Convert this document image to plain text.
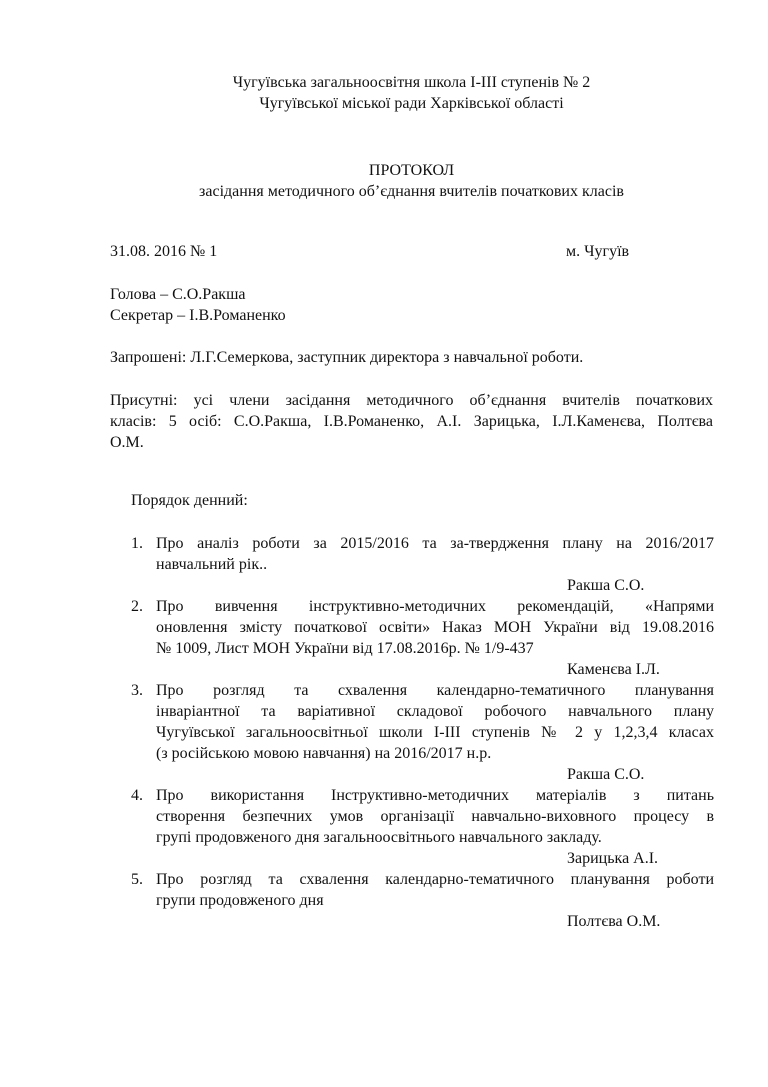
Чугуївська загальноосвітня школа І-ІІІ ступенів № 2
Чугуївської міської ради Харківської області
ПРОТОКОЛ
засідання методичного об’єднання вчителів початкових класів
31.08. 2016 № 1	м. Чугуїв
Голова – С.О.Ракша
Секретар – І.В.Романенко
Запрошені: Л.Г.Семеркова, заступник директора з навчальної роботи.
Присутні: усі члени засідання методичного об’єднання вчителів початкових
класів: 5 осіб: С.О.Ракша, І.В.Романенко, А.І. Зарицька, І.Л.Каменєва, Полтєва
О.М.
Порядок денний:
1. Про аналіз роботи за 2015/2016 та за-твердження плану на 2016/2017
навчальний рік..
Ракша С.О.
2. Про вивчення інструктивно-методичних рекомендацій, «Напрями
оновлення змісту початкової освіти» Наказ МОН України від 19.08.2016
№ 1009, Лист МОН України від 17.08.2016р. № 1/9-437
Каменєва І.Л.
3. Про розгляд та схвалення календарно-тематичного планування
інваріантної та варіативної складової робочого навчального плану
Чугуївської загальноосвітньої школи І-ІІІ ступенів № 2 у 1,2,3,4 класах
(з російською мовою навчання) на 2016/2017 н.р.
Ракша С.О.
4. Про використання Інструктивно-методичних матеріалів з питань
створення безпечних умов організації навчально-виховного процесу в
групі продовженого дня загальноосвітнього навчального закладу.
Зарицька А.І.
5. Про розгляд та схвалення календарно-тематичного планування роботи
групи продовженого дня
Полтєва О.М.
